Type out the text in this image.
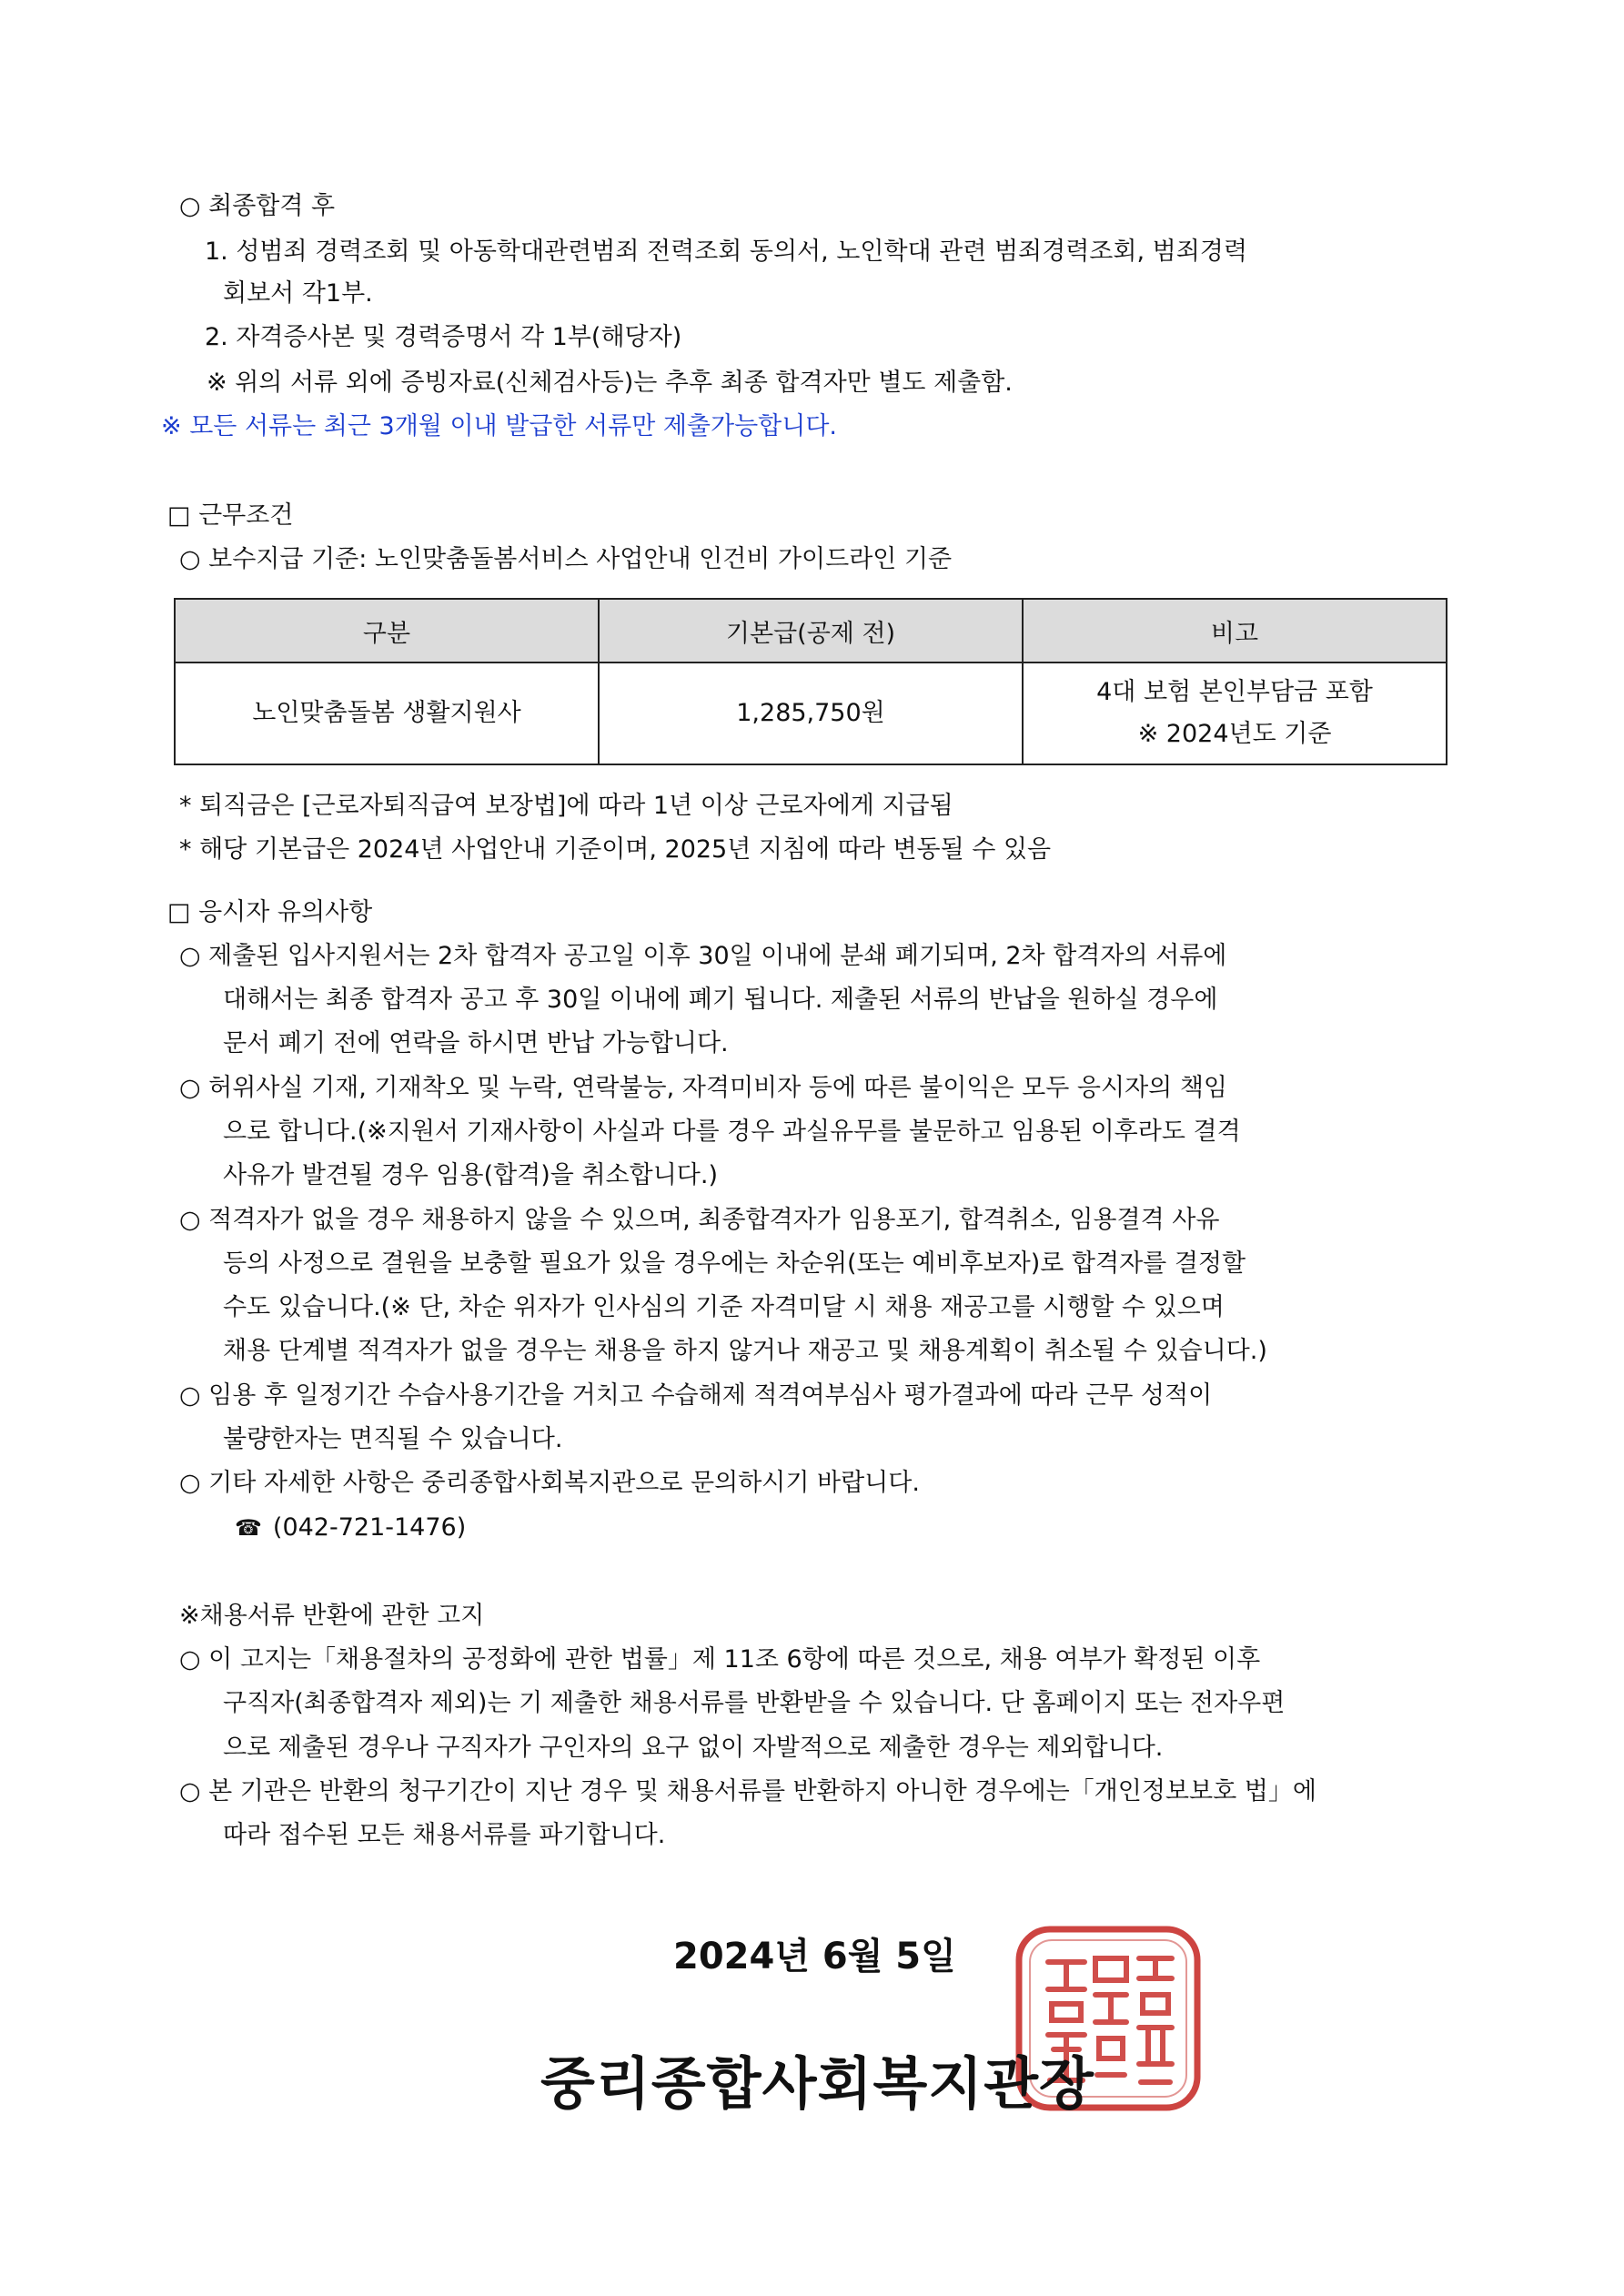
○ 최종합격 후
1. 성범죄 경력조회 및 아동학대관련범죄 전력조회 동의서, 노인학대 관련 범죄경력조회, 범죄경력
회보서 각1부.
2. 자격증사본 및 경력증명서 각 1부(해당자)
※ 위의 서류 외에 증빙자료(신체검사등)는 추후 최종 합격자만 별도 제출함.
※ 모든 서류는 최근 3개월 이내 발급한 서류만 제출가능합니다.
□ 근무조건
○ 보수지급 기준: 노인맞춤돌봄서비스 사업안내 인건비 가이드라인 기준
구분	기본급(공제 전)	비고
노인맞춤돌봄 생활지원사	1,285,750원	4대 보험 본인부담금 포함
※ 2024년도 기준
* 퇴직금은 [근로자퇴직급여 보장법]에 따라 1년 이상 근로자에게 지급됨
* 해당 기본급은 2024년 사업안내 기준이며, 2025년 지침에 따라 변동될 수 있음
□ 응시자 유의사항
○ 제출된 입사지원서는 2차 합격자 공고일 이후 30일 이내에 분쇄 폐기되며, 2차 합격자의 서류에
대해서는 최종 합격자 공고 후 30일 이내에 폐기 됩니다. 제출된 서류의 반납을 원하실 경우에
문서 폐기 전에 연락을 하시면 반납 가능합니다.
○ 허위사실 기재, 기재착오 및 누락, 연락불능, 자격미비자 등에 따른 불이익은 모두 응시자의 책임
으로 합니다.(※지원서 기재사항이 사실과 다를 경우 과실유무를 불문하고 임용된 이후라도 결격
사유가 발견될 경우 임용(합격)을 취소합니다.)
○ 적격자가 없을 경우 채용하지 않을 수 있으며, 최종합격자가 임용포기, 합격취소, 임용결격 사유
등의 사정으로 결원을 보충할 필요가 있을 경우에는 차순위(또는 예비후보자)로 합격자를 결정할
수도 있습니다.(※ 단, 차순 위자가 인사심의 기준 자격미달 시 채용 재공고를 시행할 수 있으며
채용 단계별 적격자가 없을 경우는 채용을 하지 않거나 재공고 및 채용계획이 취소될 수 있습니다.)
○ 임용 후 일정기간 수습사용기간을 거치고 수습해제 적격여부심사 평가결과에 따라 근무 성적이
불량한자는 면직될 수 있습니다.
○ 기타 자세한 사항은 중리종합사회복지관으로 문의하시기 바랍니다.
☎ (042-721-1476)
※채용서류 반환에 관한 고지
○ 이 고지는「채용절차의 공정화에 관한 법률」제 11조 6항에 따른 것으로, 채용 여부가 확정된 이후
구직자(최종합격자 제외)는 기 제출한 채용서류를 반환받을 수 있습니다. 단 홈페이지 또는 전자우편
으로 제출된 경우나 구직자가 구인자의 요구 없이 자발적으로 제출한 경우는 제외합니다.
○ 본 기관은 반환의 청구기간이 지난 경우 및 채용서류를 반환하지 아니한 경우에는「개인정보보호 법」에
따라 접수된 모든 채용서류를 파기합니다.
2024년 6월 5일
중리종합사회복지관장
